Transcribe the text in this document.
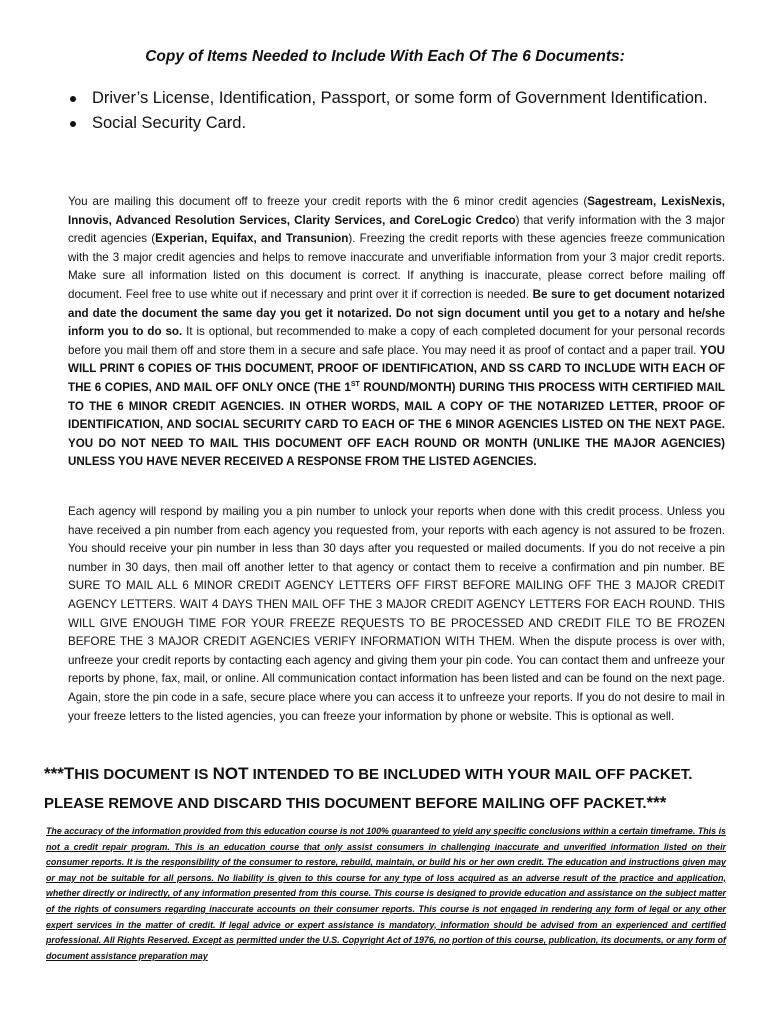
Copy of Items Needed to Include With Each Of The 6 Documents:
Driver’s License, Identification, Passport, or some form of Government Identification.
Social Security Card.

You are mailing this document off to freeze your credit reports with the 6 minor credit agencies (Sagestream, LexisNexis, Innovis, Advanced Resolution Services, Clarity Services, and CoreLogic Credco) that verify information with the 3 major credit agencies (Experian, Equifax, and Transunion). Freezing the credit reports with these agencies freeze communication with the 3 major credit agencies and helps to remove inaccurate and unverifiable information from your 3 major credit reports. Make sure all information listed on this document is correct. If anything is inaccurate, please correct before mailing off document. Feel free to use white out if necessary and print over it if correction is needed. Be sure to get document notarized and date the document the same day you get it notarized. Do not sign document until you get to a notary and he/she inform you to do so. It is optional, but recommended to make a copy of each completed document for your personal records before you mail them off and store them in a secure and safe place. You may need it as proof of contact and a paper trail. YOU WILL PRINT 6 COPIES OF THIS DOCUMENT, PROOF OF IDENTIFICATION, AND SS CARD TO INCLUDE WITH EACH OF THE 6 COPIES, AND MAIL OFF ONLY ONCE (THE 1ST ROUND/MONTH) DURING THIS PROCESS WITH CERTIFIED MAIL TO THE 6 MINOR CREDIT AGENCIES. IN OTHER WORDS, MAIL A COPY OF THE NOTARIZED LETTER, PROOF OF IDENTIFICATION, AND SOCIAL SECURITY CARD TO EACH OF THE 6 MINOR AGENCIES LISTED ON THE NEXT PAGE. YOU DO NOT NEED TO MAIL THIS DOCUMENT OFF EACH ROUND OR MONTH (UNLIKE THE MAJOR AGENCIES) UNLESS YOU HAVE NEVER RECEIVED A RESPONSE FROM THE LISTED AGENCIES.

Each agency will respond by mailing you a pin number to unlock your reports when done with this credit process. Unless you have received a pin number from each agency you requested from, your reports with each agency is not assured to be frozen. You should receive your pin number in less than 30 days after you requested or mailed documents. If you do not receive a pin number in 30 days, then mail off another letter to that agency or contact them to receive a confirmation and pin number. BE SURE TO MAIL ALL 6 MINOR CREDIT AGENCY LETTERS OFF FIRST BEFORE MAILING OFF THE 3 MAJOR CREDIT AGENCY LETTERS. WAIT 4 DAYS THEN MAIL OFF THE 3 MAJOR CREDIT AGENCY LETTERS FOR EACH ROUND. THIS WILL GIVE ENOUGH TIME FOR YOUR FREEZE REQUESTS TO BE PROCESSED AND CREDIT FILE TO BE FROZEN BEFORE THE 3 MAJOR CREDIT AGENCIES VERIFY INFORMATION WITH THEM. When the dispute process is over with, unfreeze your credit reports by contacting each agency and giving them your pin code. You can contact them and unfreeze your reports by phone, fax, mail, or online. All communication contact information has been listed and can be found on the next page. Again, store the pin code in a safe, secure place where you can access it to unfreeze your reports. If you do not desire to mail in your freeze letters to the listed agencies, you can freeze your information by phone or website. This is optional as well.

***THIS DOCUMENT IS NOT INTENDED TO BE INCLUDED WITH YOUR MAIL OFF PACKET. PLEASE REMOVE AND DISCARD THIS DOCUMENT BEFORE MAILING OFF PACKET.***

The accuracy of the information provided from this education course is not 100% guaranteed to yield any specific conclusions within a certain timeframe. This is not a credit repair program. This is an education course that only assist consumers in challenging inaccurate and unverified information listed on their consumer reports. It is the responsibility of the consumer to restore, rebuild, maintain, or build his or her own credit. The education and instructions given may or may not be suitable for all persons. No liability is given to this course for any type of loss acquired as an adverse result of the practice and application, whether directly or indirectly, of any information presented from this course. This course is designed to provide education and assistance on the subject matter of the rights of consumers regarding inaccurate accounts on their consumer reports. This course is not engaged in rendering any form of legal or any other expert services in the matter of credit. If legal advice or expert assistance is mandatory, information should be advised from an experienced and certified professional. All Rights Reserved. Except as permitted under the U.S. Copyright Act of 1976, no portion of this course, publication, its documents, or any form of document assistance preparation may
